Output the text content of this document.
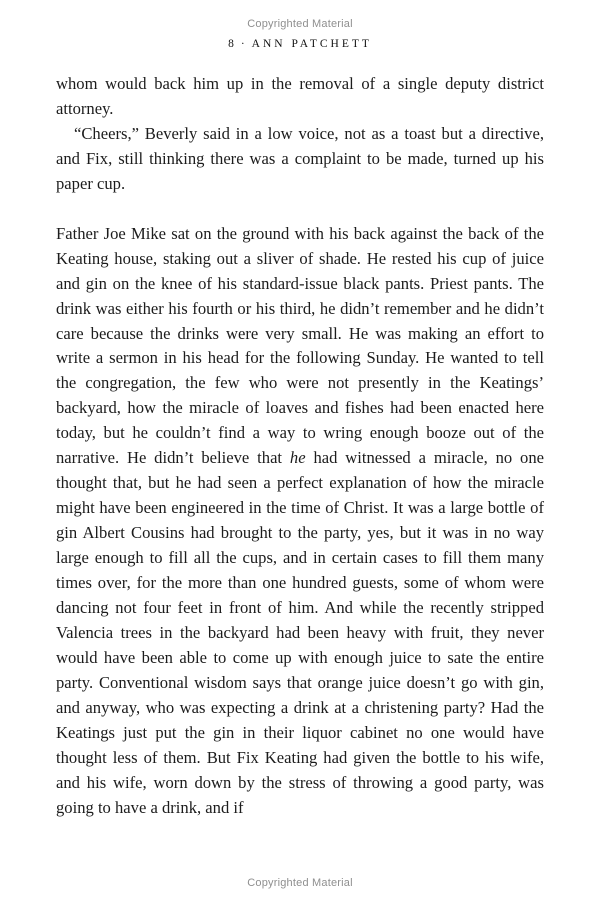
Copyrighted Material
8 · ANN PATCHETT

whom would back him up in the removal of a single deputy district attorney.

“Cheers,” Beverly said in a low voice, not as a toast but a directive, and Fix, still thinking there was a complaint to be made, turned up his paper cup.

Father Joe Mike sat on the ground with his back against the back of the Keating house, staking out a sliver of shade. He rested his cup of juice and gin on the knee of his standard-issue black pants. Priest pants. The drink was either his fourth or his third, he didn’t remember and he didn’t care because the drinks were very small. He was making an effort to write a sermon in his head for the following Sunday. He wanted to tell the congregation, the few who were not presently in the Keatings’ backyard, how the miracle of loaves and fishes had been enacted here today, but he couldn’t find a way to wring enough booze out of the narrative. He didn’t believe that he had witnessed a miracle, no one thought that, but he had seen a perfect explanation of how the miracle might have been engineered in the time of Christ. It was a large bottle of gin Albert Cousins had brought to the party, yes, but it was in no way large enough to fill all the cups, and in certain cases to fill them many times over, for the more than one hundred guests, some of whom were dancing not four feet in front of him. And while the recently stripped Valencia trees in the backyard had been heavy with fruit, they never would have been able to come up with enough juice to sate the entire party. Conventional wisdom says that orange juice doesn’t go with gin, and anyway, who was expecting a drink at a christening party? Had the Keatings just put the gin in their liquor cabinet no one would have thought less of them. But Fix Keating had given the bottle to his wife, and his wife, worn down by the stress of throwing a good party, was going to have a drink, and if

Copyrighted Material
